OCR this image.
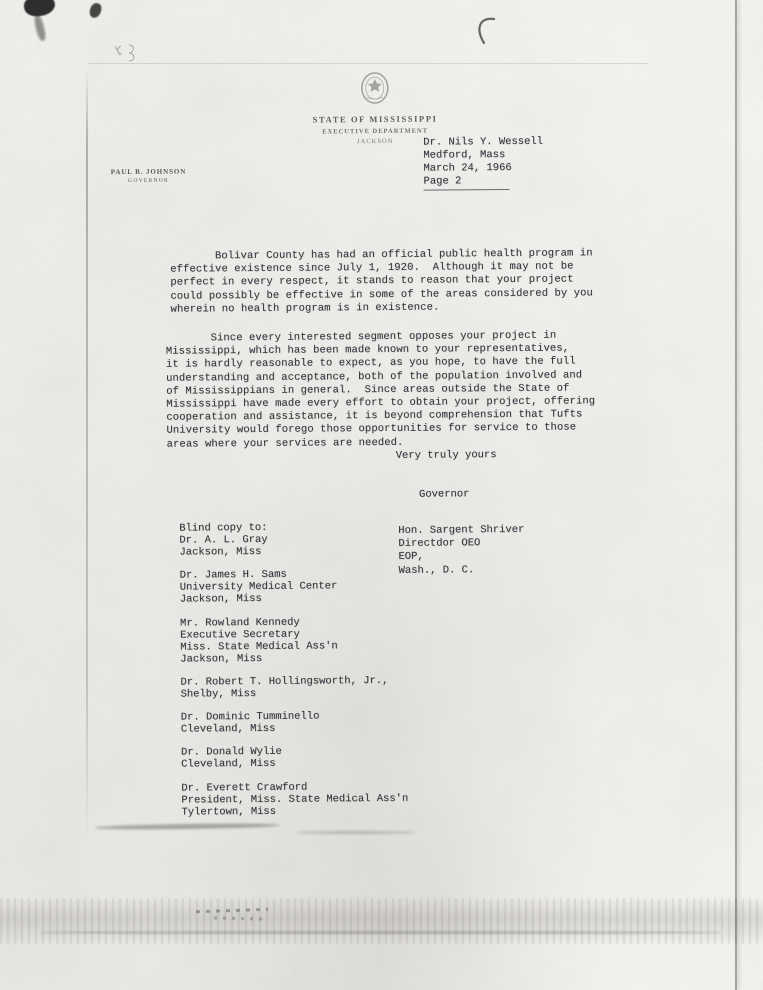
STATE OF MISSISSIPPI
EXECUTIVE DEPARTMENT
JACKSON
PAUL B. JOHNSON
GOVERNOR
Dr. Nils Y. Wessell
Medford, Mass
March 24, 1966
Page 2
Bolivar County has had an official public health program in
effective existence since July 1, 1920.  Although it may not be
perfect in every respect, it stands to reason that your project
could possibly be effective in some of the areas considered by you
wherein no health program is in existence.
Since every interested segment opposes your project in
Mississippi, which has been made known to your representatives,
it is hardly reasonable to expect, as you hope, to have the full
understanding and acceptance, both of the population involved and
of Mississippians in general.  Since areas outside the State of
Mississippi have made every effort to obtain your project, offering
cooperation and assistance, it is beyond comprehension that Tufts
University would forego those opportunities for service to those
areas where your services are needed.
Very truly yours
Governor
Blind copy to:
Dr. A. L. Gray
Jackson, Miss
Dr. James H. Sams
University Medical Center
Jackson, Miss
Mr. Rowland Kennedy
Executive Secretary
Miss. State Medical Ass'n
Jackson, Miss
Dr. Robert T. Hollingsworth, Jr.,
Shelby, Miss
Dr. Dominic Tumminello
Cleveland, Miss
Dr. Donald Wylie
Cleveland, Miss
Dr. Everett Crawford
President, Miss. State Medical Ass'n
Tylertown, Miss
Hon. Sargent Shriver
Directdor OEO
EOP,
Wash., D. C.
